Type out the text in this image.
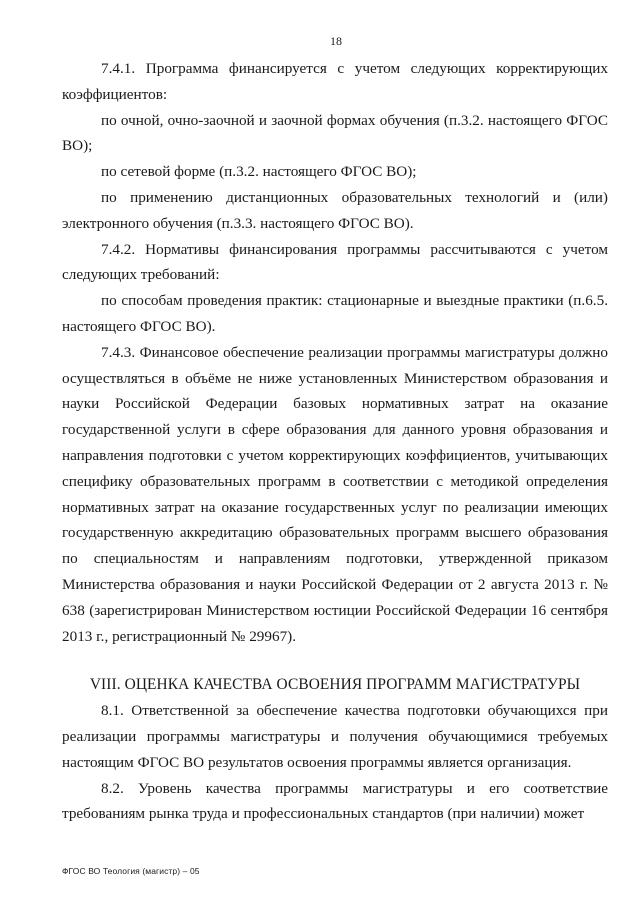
18

7.4.1. Программа финансируется с учетом следующих корректирующих коэффициентов:

по очной, очно-заочной и заочной формах обучения (п.3.2. настоящего ФГОС ВО);

по сетевой форме (п.3.2. настоящего ФГОС ВО);

по применению дистанционных образовательных технологий и (или) электронного обучения (п.3.3. настоящего ФГОС ВО).

7.4.2. Нормативы финансирования программы рассчитываются с учетом следующих требований:

по способам проведения практик: стационарные и выездные практики (п.6.5. настоящего ФГОС ВО).

7.4.3. Финансовое обеспечение реализации программы магистратуры должно осуществляться в объёме не ниже установленных Министерством образования и науки Российской Федерации базовых нормативных затрат на оказание государственной услуги в сфере образования для данного уровня образования и направления подготовки с учетом корректирующих коэффициентов, учитывающих специфику образовательных программ в соответствии с методикой определения нормативных затрат на оказание государственных услуг по реализации имеющих государственную аккредитацию образовательных программ высшего образования по специальностям и направлениям подготовки, утвержденной приказом Министерства образования и науки Российской Федерации от 2 августа 2013 г. № 638 (зарегистрирован Министерством юстиции Российской Федерации 16 сентября 2013 г., регистрационный № 29967).

VIII. ОЦЕНКА КАЧЕСТВА ОСВОЕНИЯ ПРОГРАММ МАГИСТРАТУРЫ

8.1. Ответственной за обеспечение качества подготовки обучающихся при реализации программы магистратуры и получения обучающимися требуемых настоящим ФГОС ВО результатов освоения программы является организация.

8.2. Уровень качества программы магистратуры и его соответствие требованиям рынка труда и профессиональных стандартов (при наличии) может

ФГОС ВО Теология (магистр) – 05
